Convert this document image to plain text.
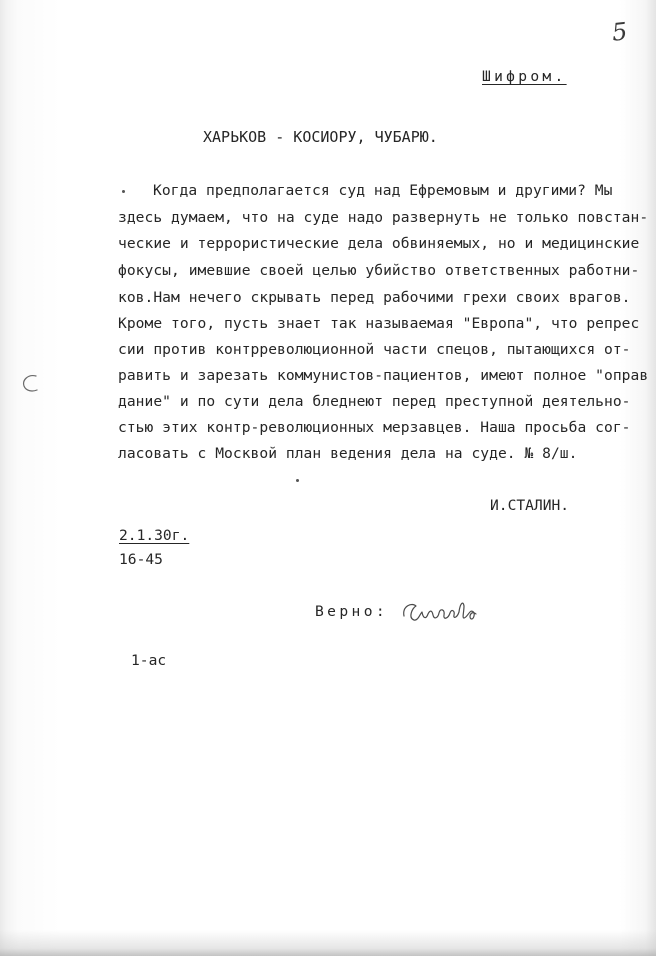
5
Шифром.
ХАРЬКОВ - КОСИОРУ, ЧУБАРЮ.
Когда предполагается суд над Ефремовым и другими? Мы
здесь думаем, что на суде надо развернуть не только повстан-
ческие и террористические дела обвиняемых, но и медицинские
фокусы, имевшие своей целью убийство ответственных работни-
ков.Нам нечего скрывать перед рабочими грехи своих врагов.
Кроме того, пусть знает так называемая "Европа", что репрес
сии против контрреволюционной части спецов, пытающихся от-
равить и зарезать коммунистов-пациентов, имеют полное "оправ
дание" и по сути дела бледнеют перед преступной деятельно-
стью этих контр-революционных мерзавцев. Наша просьба сог-
ласовать с Москвой план ведения дела на суде. № 8/ш.
И.СТАЛИН.
2.1.30г.
16-45
Верно:
1-ас
